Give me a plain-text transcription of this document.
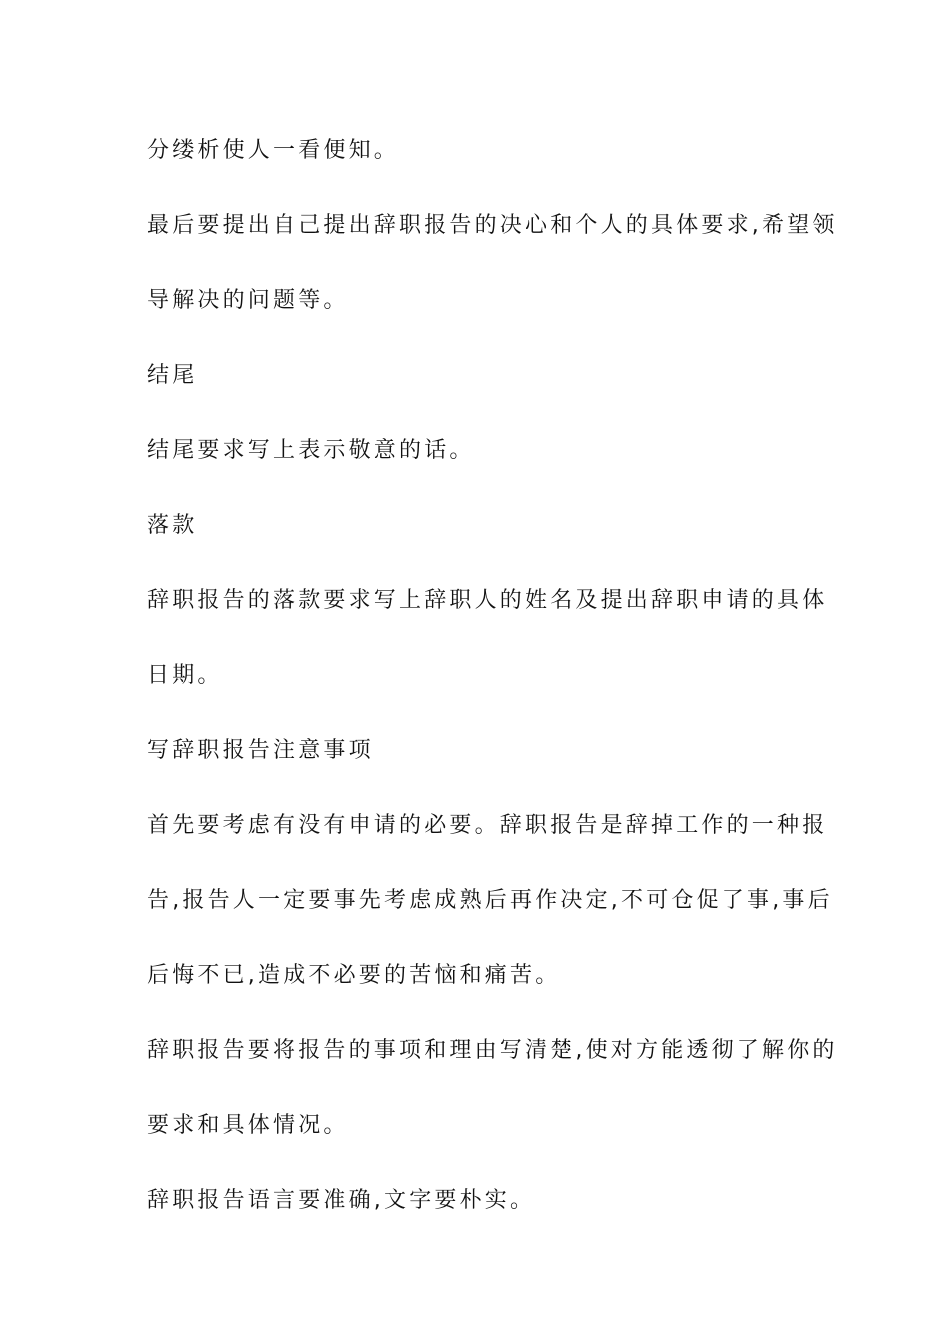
分缕析使人一看便知。

最后要提出自己提出辞职报告的决心和个人的具体要求,希望领

导解决的问题等。

结尾

结尾要求写上表示敬意的话。

落款

辞职报告的落款要求写上辞职人的姓名及提出辞职申请的具体

日期。

写辞职报告注意事项

首先要考虑有没有申请的必要。辞职报告是辞掉工作的一种报

告,报告人一定要事先考虑成熟后再作决定,不可仓促了事,事后

后悔不已,造成不必要的苦恼和痛苦。

辞职报告要将报告的事项和理由写清楚,使对方能透彻了解你的

要求和具体情况。

辞职报告语言要准确,文字要朴实。
